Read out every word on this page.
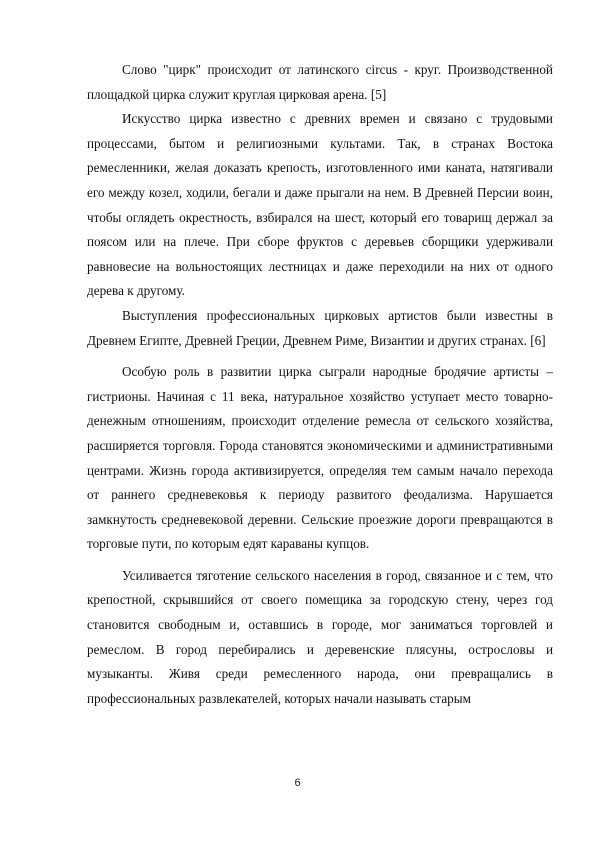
Слово "цирк" происходит от латинского circus - круг. Производственной площадкой цирка служит круглая цирковая арена. [5]

Искусство цирка известно с древних времен и связано с трудовыми процессами, бытом и религиозными культами. Так, в странах Востока ремесленники, желая доказать крепость, изготовленного ими каната, натягивали его между козел, ходили, бегали и даже прыгали на нем. В Древней Персии воин, чтобы оглядеть окрестность, взбирался на шест, который его товарищ держал за поясом или на плече. При сборе фруктов с деревьев сборщики удерживали равновесие на вольностоящих лестницах и даже переходили на них от одного дерева к другому.

Выступления профессиональных цирковых артистов были известны в Древнем Египте, Древней Греции, Древнем Риме, Византии и других странах. [6]

Особую роль в развитии цирка сыграли народные бродячие артисты – гистрионы. Начиная с 11 века, натуральное хозяйство уступает место товарно-денежным отношениям, происходит отделение ремесла от сельского хозяйства, расширяется торговля. Города становятся экономическими и административными центрами. Жизнь города активизируется, определяя тем самым начало перехода от раннего средневековья к периоду развитого феодализма. Нарушается замкнутость средневековой деревни. Сельские проезжие дороги превращаются в торговые пути, по которым едят караваны купцов.

Усиливается тяготение сельского населения в город, связанное и с тем, что крепостной, скрывшийся от своего помещика за городскую стену, через год становится свободным и, оставшись в городе, мог заниматься торговлей и ремеслом. В город перебирались и деревенские плясуны, острословы и музыканты. Живя среди ремесленного народа, они превращались в профессиональных развлекателей, которых начали называть старым

6
